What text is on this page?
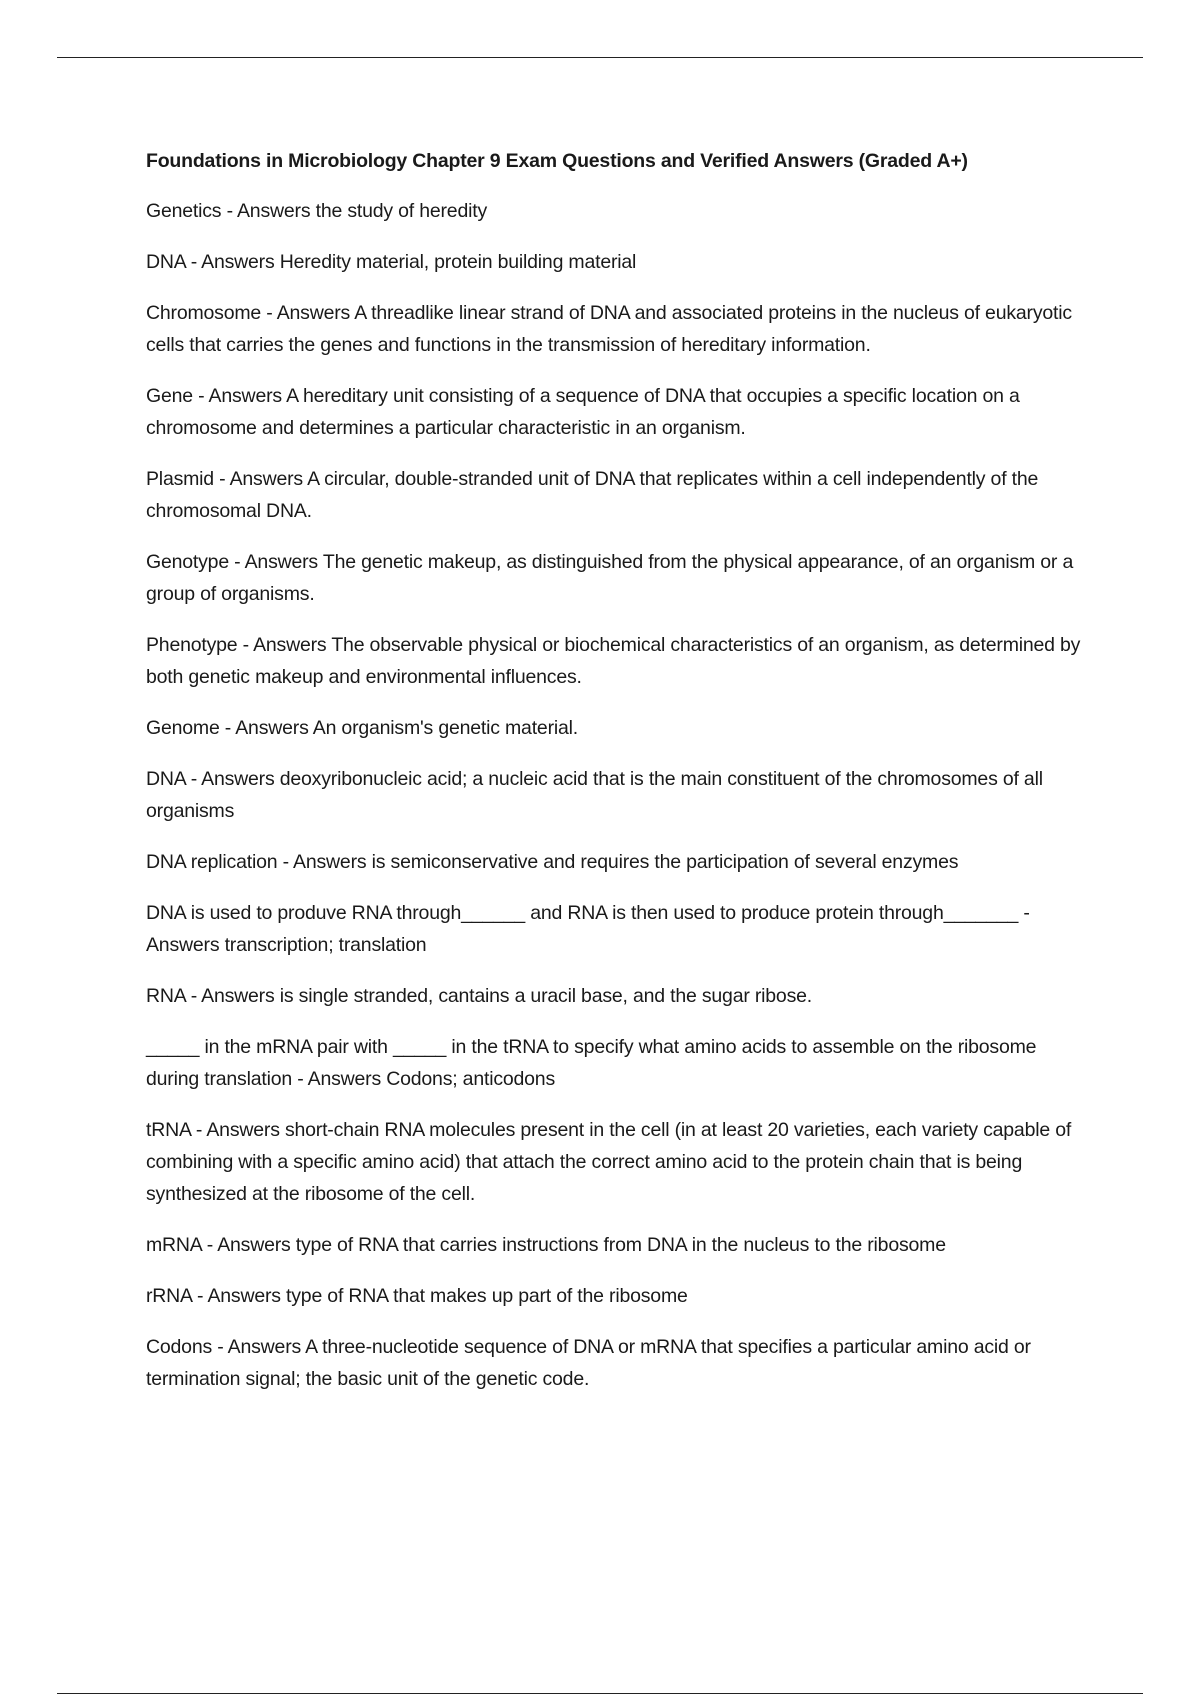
Foundations in Microbiology Chapter 9 Exam Questions and Verified Answers (Graded A+)

Genetics - Answers the study of heredity

DNA - Answers Heredity material, protein building material

Chromosome - Answers A threadlike linear strand of DNA and associated proteins in the nucleus of eukaryotic cells that carries the genes and functions in the transmission of hereditary information.

Gene - Answers A hereditary unit consisting of a sequence of DNA that occupies a specific location on a chromosome and determines a particular characteristic in an organism.

Plasmid - Answers A circular, double-stranded unit of DNA that replicates within a cell independently of the chromosomal DNA.

Genotype - Answers The genetic makeup, as distinguished from the physical appearance, of an organism or a group of organisms.

Phenotype - Answers The observable physical or biochemical characteristics of an organism, as determined by both genetic makeup and environmental influences.

Genome - Answers An organism's genetic material.

DNA - Answers deoxyribonucleic acid; a nucleic acid that is the main constituent of the chromosomes of all organisms

DNA replication - Answers is semiconservative and requires the participation of several enzymes

DNA is used to produve RNA through______ and RNA is then used to produce protein through_______ - Answers transcription; translation

RNA - Answers is single stranded, cantains a uracil base, and the sugar ribose.

_____ in the mRNA pair with _____ in the tRNA to specify what amino acids to assemble on the ribosome during translation - Answers Codons; anticodons

tRNA - Answers short-chain RNA molecules present in the cell (in at least 20 varieties, each variety capable of combining with a specific amino acid) that attach the correct amino acid to the protein chain that is being synthesized at the ribosome of the cell.

mRNA - Answers type of RNA that carries instructions from DNA in the nucleus to the ribosome

rRNA - Answers type of RNA that makes up part of the ribosome

Codons - Answers A three-nucleotide sequence of DNA or mRNA that specifies a particular amino acid or termination signal; the basic unit of the genetic code.
